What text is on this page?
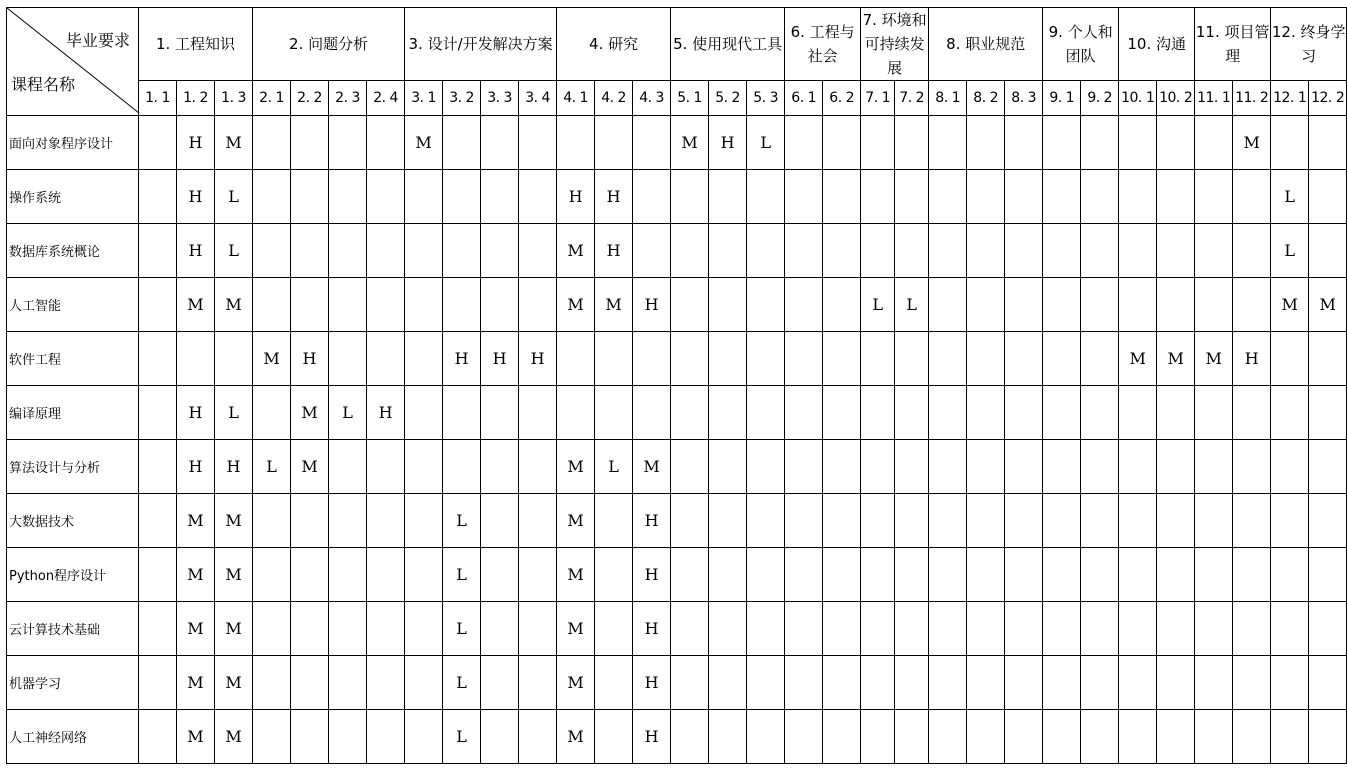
毕业要求
课程名称	1. 工程知识			2. 问题分析				3. 设计/开发解决方案				4. 研究			5. 使用现代工具			6. 工程与社会		7. 环境和可持续发展		8. 职业规范			9. 个人和团队		10. 沟通		11. 项目管理		12. 终身学习	
	1. 1	1. 2	1. 3	2. 1	2. 2	2. 3	2. 4	3. 1	3. 2	3. 3	3. 4	4. 1	4. 2	4. 3	5. 1	5. 2	5. 3	6. 1	6. 2	7. 1	7. 2	8. 1	8. 2	8. 3	9. 1	9. 2	10. 1	10. 2	11. 1	11. 2	12. 1	12. 2
面向对象程序设计		H	M					M							M	H	L													M		
操作系统		H	L									H	H																		L	
数据库系统概论		H	L									M	H																		L	
人工智能		M	M									M	M	H						L	L										M	M
软件工程				M	H				H	H	H																M	M	M	H		
编译原理		H	L		M	L	H																									
算法设计与分析		H	H	L	M							M	L	M																		
大数据技术		M	M						L			M		H																		
Python程序设计		M	M						L			M		H																		
云计算技术基础		M	M						L			M		H																		
机器学习		M	M						L			M		H																		
人工神经网络		M	M						L			M		H																		
